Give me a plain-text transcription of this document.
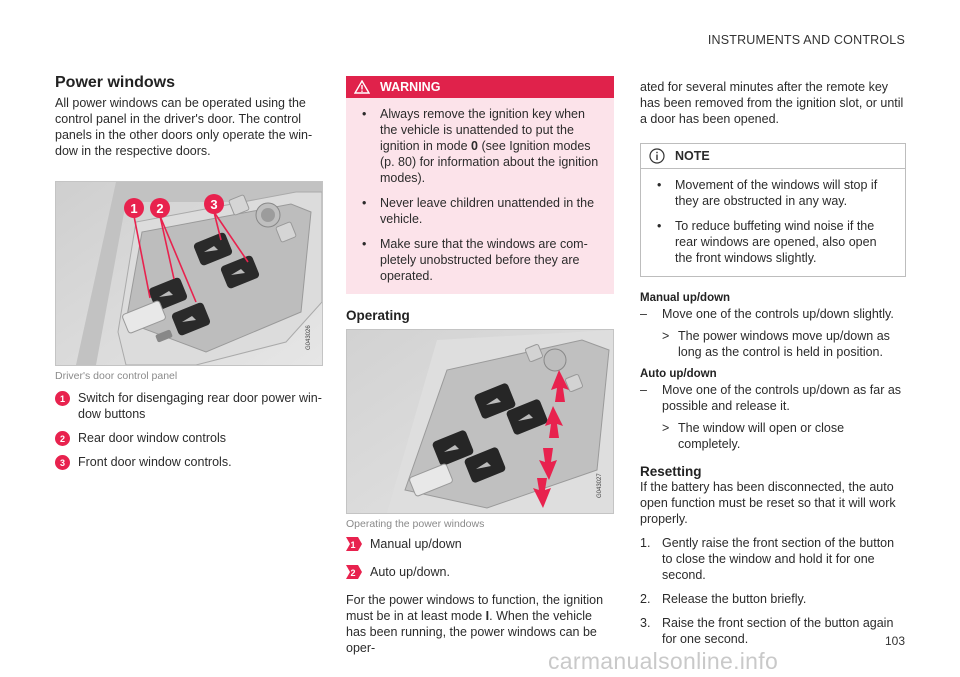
INSTRUMENTS AND CONTROLS
Power windows

All power windows can be operated using the control panel in the driver's door. The control panels in the other doors only operate the win-dow in the respective doors.

1 2	3
G043026
Driver's door control panel
1	Switch for disengaging rear door power win-dow buttons
2	Rear door window controls
3	Front door window controls.
WARNING
• Always remove the ignition key when the vehicle is unattended to put the ignition in mode 0 (see Ignition modes (p. 80) for information about the ignition modes).
• Never leave children unattended in the vehicle.
• Make sure that the windows are com-pletely unobstructed before they are operated.
Operating
G043027
Operating the power windows
1 Manual up/down
2 Auto up/down.

For the power windows to function, the ignition must be in at least mode I. When the vehicle has been running, the power windows can be oper-

ated for several minutes after the remote key has been removed from the ignition slot, or until a door has been opened.

NOTE
• Movement of the windows will stop if they are obstructed in any way.
• To reduce buffeting wind noise if the rear windows are opened, also open the front windows slightly.
Manual up/down
–	Move one of the controls up/down slightly.
> The power windows move up/down as long as the control is held in position.
Auto up/down
–	Move one of the controls up/down as far as possible and release it.
> The window will open or close completely.
Resetting

If the battery has been disconnected, the auto open function must be reset so that it will work properly.

1. Gently raise the front section of the button to close the window and hold it for one second.
2. Release the button briefly.
3. Raise the front section of the button again for one second.	103
carmanualsonline.info
